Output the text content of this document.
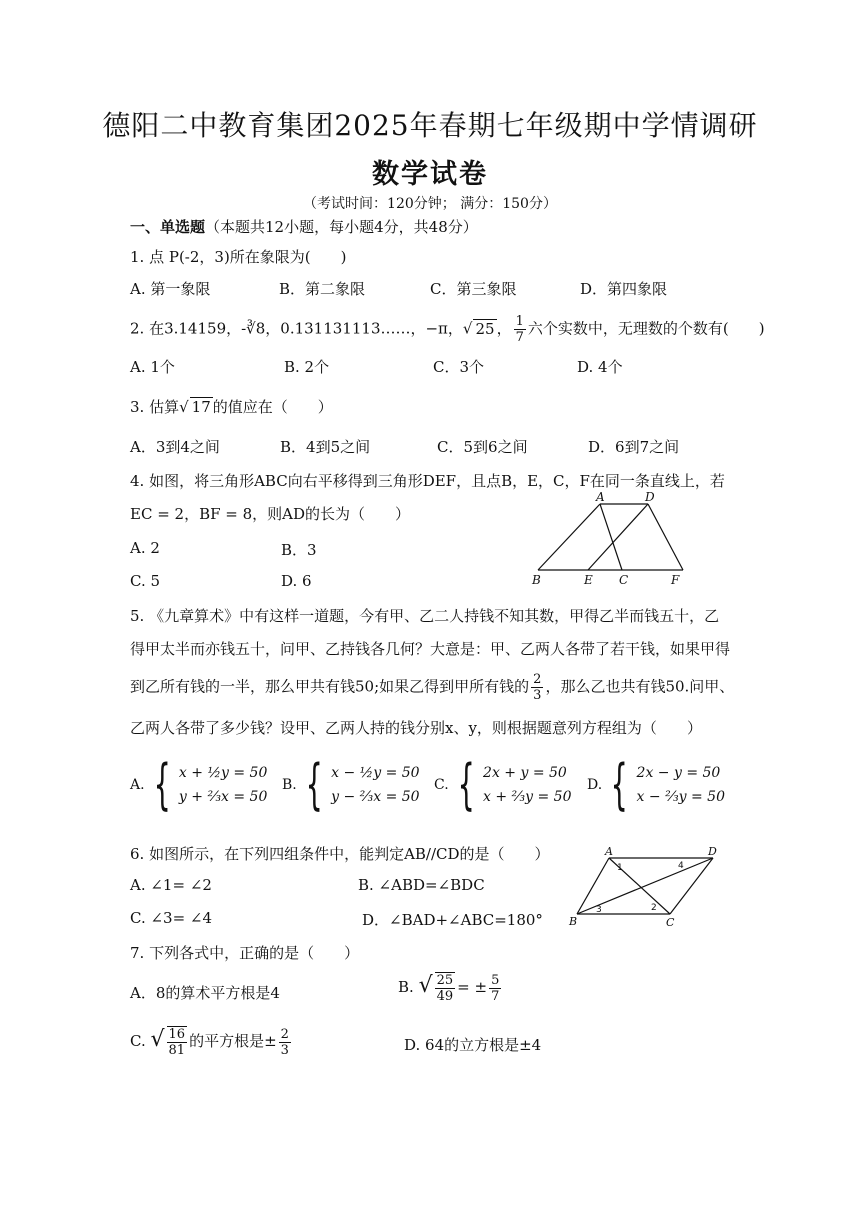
德阳二中教育集团2025年春期七年级期中学情调研
数学试卷
（考试时间：120分钟； 满分：150分）
一、单选题（本题共12小题，每小题4分，共48分）
1. 点 P(-2，3)所在象限为(　　)
A. 第一象限	B．第二象限	C．第三象限	D．第四象限
2. 在3.14159，-∛8，0.131131113……，−π，√ 25 ， $\frac{1}{7}$ 六个实数中，无理数的个数有(　　)
A. 1个	B. 2个	C．3个	D. 4个
3. 估算√ 17 的值应在（　　）
A．3到4之间	B．4到5之间	C．5到6之间	D．6到7之间
4. 如图，将三角形ABC向右平移得到三角形DEF，且点B，E，C，F在同一条直线上，若
EC = 2，BF = 8，则AD的长为（　　）
A. 2	B．3
C. 5	D. 6
A	D
B	E C	F
5. 《九章算术》中有这样一道题，今有甲、乙二人持钱不知其数，甲得乙半而钱五十，乙
得甲太半而亦钱五十，问甲、乙持钱各几何？大意是：甲、乙两人各带了若干钱，如果甲得
到乙所有钱的一半，那么甲共有钱50;如果乙得到甲所有钱的 $\frac{2}{3}$ ，那么乙也共有钱50.问甲、
乙两人各带了多少钱？设甲、乙两人持的钱分别x、y，则根据题意列方程组为（　　）
A. { x + ½y = 50
y + ⅔x = 50
B. { x − ½y = 50
y − ⅔x = 50
C. { 2x + y = 50
x + ⅔y = 50
D. { 2x − y = 50
x − ⅔y = 50
6. 如图所示，在下列四组条件中，能判定AB//CD的是（　　）
A. ∠1= ∠2	B. ∠ABD=∠BDC
C. ∠3= ∠4	D．∠BAD+∠ABC=180°
A	D
B	C
1
2
3
4
7. 下列各式中，正确的是（　　）
A．8的算术平方根是4	B. √ $\frac{25}{49}$ = ± $\frac{5}{7}$
C. √ $\frac{16}{81}$ 的平方根是± $\frac{2}{3}$	D. 64的立方根是±4
